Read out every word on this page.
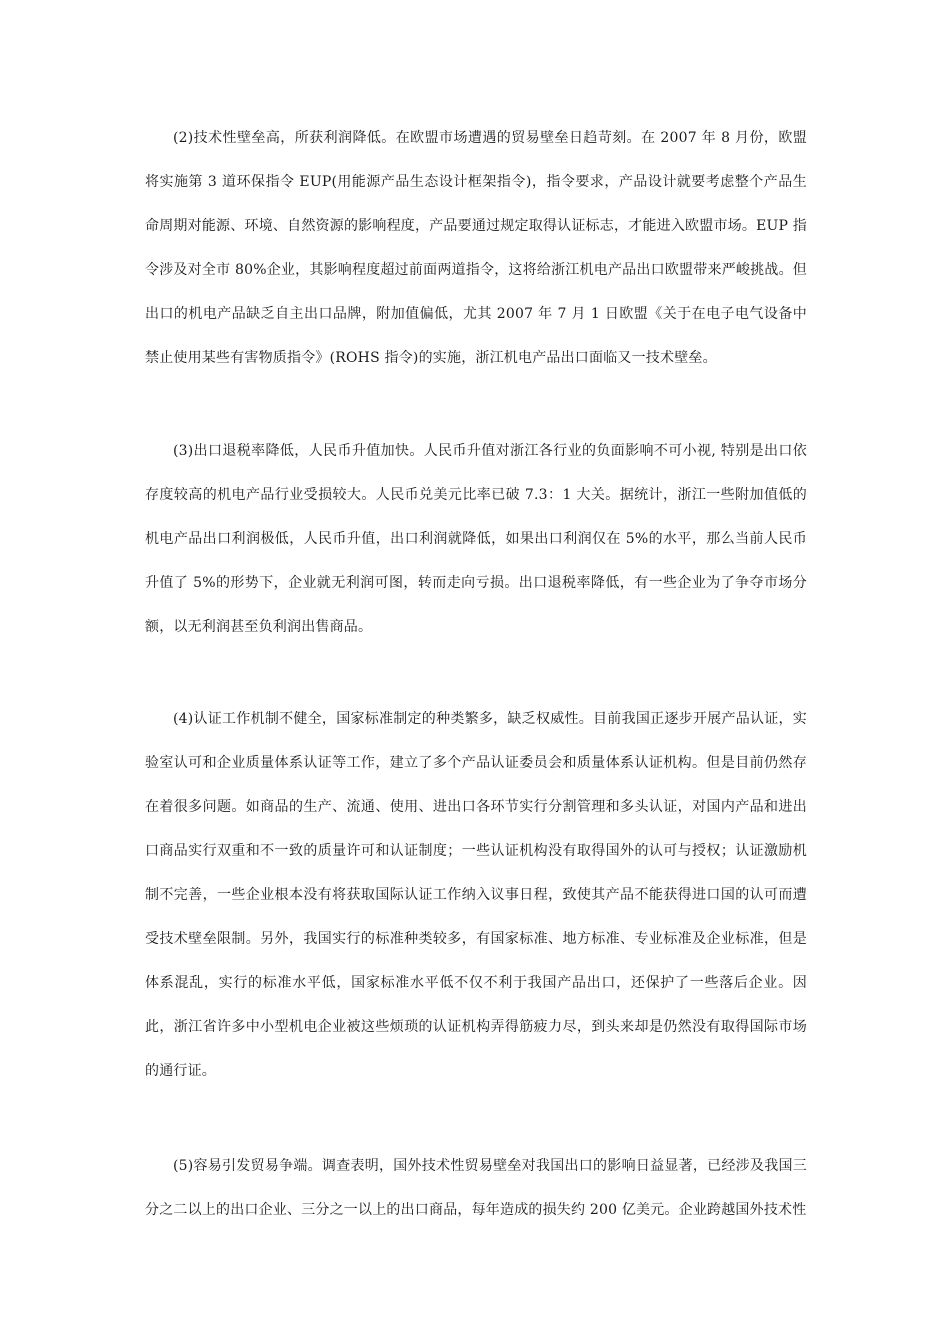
(2)技术性壁垒高，所获利润降低。在欧盟市场遭遇的贸易壁垒日趋苛刻。在 2007 年 8 月份，欧盟将实施第 3 道环保指令 EUP(用能源产品生态设计框架指令)，指令要求，产品设计就要考虑整个产品生命周期对能源、环境、自然资源的影响程度，产品要通过规定取得认证标志，才能进入欧盟市场。EUP 指令涉及对全市 80%企业，其影响程度超过前面两道指令，这将给浙江机电产品出口欧盟带来严峻挑战。但出口的机电产品缺乏自主出口品牌，附加值偏低，尤其 2007 年 7 月 1 日欧盟《关于在电子电气设备中禁止使用某些有害物质指令》(ROHS 指令)的实施，浙江机电产品出口面临又一技术壁垒。

(3)出口退税率降低，人民币升值加快。人民币升值对浙江各行业的负面影响不可小视, 特别是出口依存度较高的机电产品行业受损较大。人民币兑美元比率已破 7.3：1 大关。据统计，浙江一些附加值低的机电产品出口利润极低，人民币升值，出口利润就降低，如果出口利润仅在 5%的水平，那么当前人民币升值了 5%的形势下，企业就无利润可图，转而走向亏损。出口退税率降低，有一些企业为了争夺市场分额，以无利润甚至负利润出售商品。

(4)认证工作机制不健全，国家标准制定的种类繁多，缺乏权威性。目前我国正逐步开展产品认证，实验室认可和企业质量体系认证等工作，建立了多个产品认证委员会和质量体系认证机构。但是目前仍然存在着很多问题。如商品的生产、流通、使用、进出口各环节实行分割管理和多头认证，对国内产品和进出口商品实行双重和不一致的质量许可和认证制度；一些认证机构没有取得国外的认可与授权；认证激励机制不完善，一些企业根本没有将获取国际认证工作纳入议事日程，致使其产品不能获得进口国的认可而遭受技术壁垒限制。另外，我国实行的标准种类较多，有国家标准、地方标准、专业标准及企业标准，但是体系混乱，实行的标准水平低，国家标准水平低不仅不利于我国产品出口，还保护了一些落后企业。因此，浙江省许多中小型机电企业被这些烦琐的认证机构弄得筋疲力尽，到头来却是仍然没有取得国际市场的通行证。

(5)容易引发贸易争端。调查表明，国外技术性贸易壁垒对我国出口的影响日益显著，已经涉及我国三分之二以上的出口企业、三分之一以上的出口商品，每年造成的损失约 200 亿美元。企业跨越国外技术性
